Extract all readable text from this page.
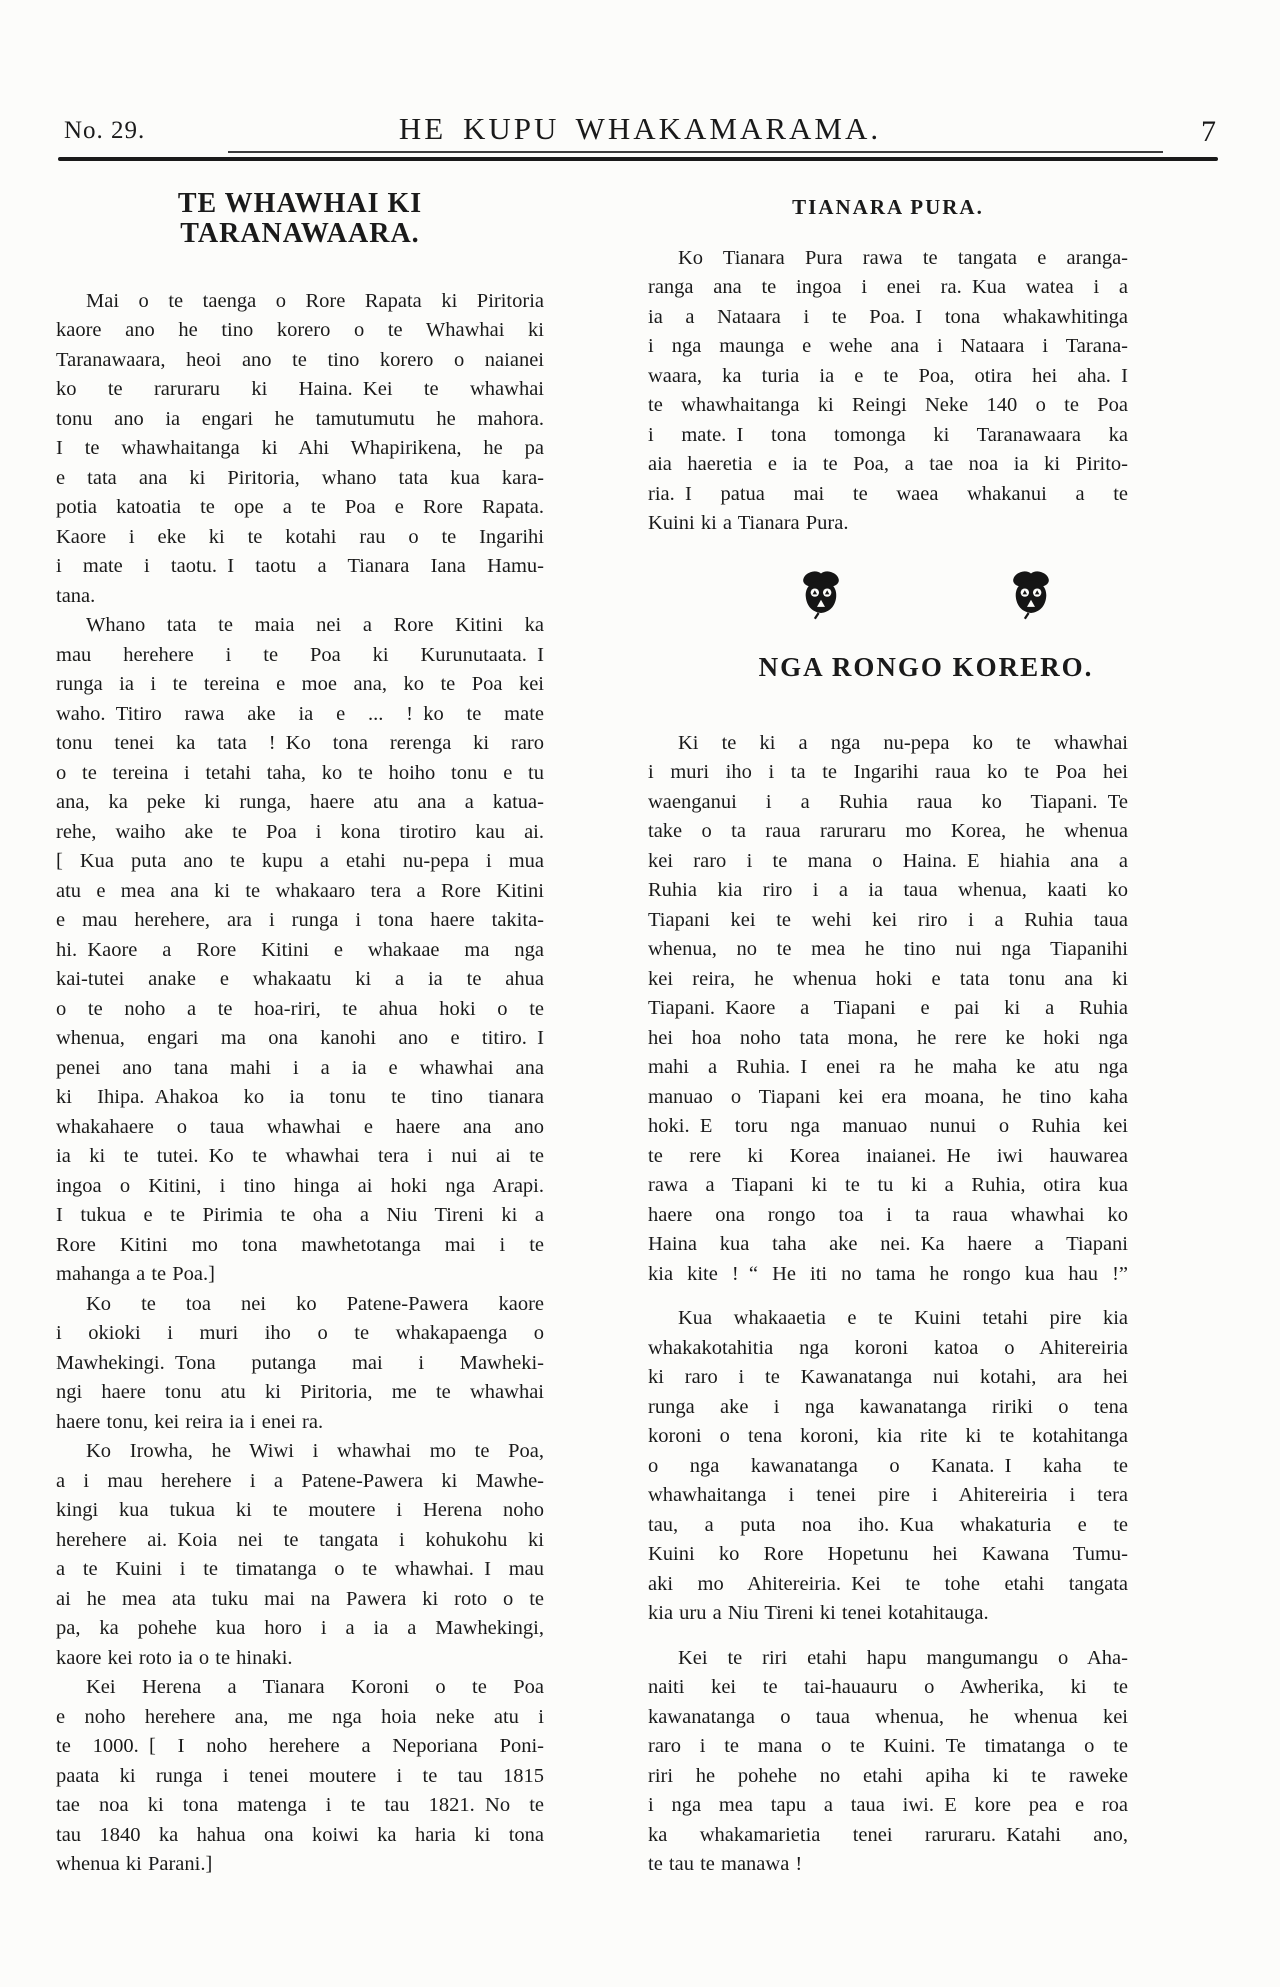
No. 29.	HE KUPU WHAKAMARAMA.	7
TE WHAWHAI KI TARANAWAARA.
Mai o te taenga o Rore Rapata ki Piritoria
kaore ano he tino korero o te Whawhai ki
Taranawaara, heoi ano te tino korero o naianei
ko te raruraru ki Haina. Kei te whawhai
tonu ano ia engari he tamutumutu he mahora.
I te whawhaitanga ki Ahi Whapirikena, he pa
e tata ana ki Piritoria, whano tata kua kara-
potia katoatia te ope a te Poa e Rore Rapata.
Kaore i eke ki te kotahi rau o te Ingarihi
i mate i taotu. I taotu a Tianara Iana Hamu-
tana.
Whano tata te maia nei a Rore Kitini ka
mau herehere i te Poa ki Kurunutaata. I
runga ia i te tereina e moe ana, ko te Poa kei
waho. Titiro rawa ake ia e ... ! ko te mate
tonu tenei ka tata ! Ko tona rerenga ki raro
o te tereina i tetahi taha, ko te hoiho tonu e tu
ana, ka peke ki runga, haere atu ana a katua-
rehe, waiho ake te Poa i kona tirotiro kau ai.
[ Kua puta ano te kupu a etahi nu-pepa i mua
atu e mea ana ki te whakaaro tera a Rore Kitini
e mau herehere, ara i runga i tona haere takita-
hi. Kaore a Rore Kitini e whakaae ma nga
kai-tutei anake e whakaatu ki a ia te ahua
o te noho a te hoa-riri, te ahua hoki o te
whenua, engari ma ona kanohi ano e titiro. I
penei ano tana mahi i a ia e whawhai ana
ki Ihipa. Ahakoa ko ia tonu te tino tianara
whakahaere o taua whawhai e haere ana ano
ia ki te tutei. Ko te whawhai tera i nui ai te
ingoa o Kitini, i tino hinga ai hoki nga Arapi.
I tukua e te Pirimia te oha a Niu Tireni ki a
Rore Kitini mo tona mawhetotanga mai i te
mahanga a te Poa.]
Ko te toa nei ko Patene-Pawera kaore
i okioki i muri iho o te whakapaenga o
Mawhekingi. Tona putanga mai i Mawheki-
ngi haere tonu atu ki Piritoria, me te whawhai
haere tonu, kei reira ia i enei ra.
Ko Irowha, he Wiwi i whawhai mo te Poa,
a i mau herehere i a Patene-Pawera ki Mawhe-
kingi kua tukua ki te moutere i Herena noho
herehere ai. Koia nei te tangata i kohukohu ki
a te Kuini i te timatanga o te whawhai. I mau
ai he mea ata tuku mai na Pawera ki roto o te
pa, ka pohehe kua horo i a ia a Mawhekingi,
kaore kei roto ia o te hinaki.
Kei Herena a Tianara Koroni o te Poa
e noho herehere ana, me nga hoia neke atu i
te 1000. [ I noho herehere a Neporiana Poni-
paata ki runga i tenei moutere i te tau 1815
tae noa ki tona matenga i te tau 1821. No te
tau 1840 ka hahua ona koiwi ka haria ki tona
whenua ki Parani.]
TIANARA PURA.
Ko Tianara Pura rawa te tangata e aranga-
ranga ana te ingoa i enei ra. Kua watea i a
ia a Nataara i te Poa. I tona whakawhitinga
i nga maunga e wehe ana i Nataara i Tarana-
waara, ka turia ia e te Poa, otira hei aha. I
te whawhaitanga ki Reingi Neke 140 o te Poa
i mate. I tona tomonga ki Taranawaara ka
aia haeretia e ia te Poa, a tae noa ia ki Pirito-
ria. I patua mai te waea whakanui a te
Kuini ki a Tianara Pura.
NGA RONGO KORERO.
Ki te ki a nga nu-pepa ko te whawhai
i muri iho i ta te Ingarihi raua ko te Poa hei
waenganui i a Ruhia raua ko Tiapani. Te
take o ta raua raruraru mo Korea, he whenua
kei raro i te mana o Haina. E hiahia ana a
Ruhia kia riro i a ia taua whenua, kaati ko
Tiapani kei te wehi kei riro i a Ruhia taua
whenua, no te mea he tino nui nga Tiapanihi
kei reira, he whenua hoki e tata tonu ana ki
Tiapani. Kaore a Tiapani e pai ki a Ruhia
hei hoa noho tata mona, he rere ke hoki nga
mahi a Ruhia. I enei ra he maha ke atu nga
manuao o Tiapani kei era moana, he tino kaha
hoki. E toru nga manuao nunui o Ruhia kei
te rere ki Korea inaianei. He iwi hauwarea
rawa a Tiapani ki te tu ki a Ruhia, otira kua
haere ona rongo toa i ta raua whawhai ko
Haina kua taha ake nei. Ka haere a Tiapani
kia kite ! “ He iti no tama he rongo kua hau !”
Kua whakaaetia e te Kuini tetahi pire kia
whakakotahitia nga koroni katoa o Ahitereiria
ki raro i te Kawanatanga nui kotahi, ara hei
runga ake i nga kawanatanga ririki o tena
koroni o tena koroni, kia rite ki te kotahitanga
o nga kawanatanga o Kanata. I kaha te
whawhaitanga i tenei pire i Ahitereiria i tera
tau, a puta noa iho. Kua whakaturia e te
Kuini ko Rore Hopetunu hei Kawana Tumu-
aki mo Ahitereiria. Kei te tohe etahi tangata
kia uru a Niu Tireni ki tenei kotahitauga.
Kei te riri etahi hapu mangumangu o Aha-
naiti kei te tai-hauauru o Awherika, ki te
kawanatanga o taua whenua, he whenua kei
raro i te mana o te Kuini. Te timatanga o te
riri he pohehe no etahi apiha ki te raweke
i nga mea tapu a taua iwi. E kore pea e roa
ka whakamarietia tenei raruraru. Katahi ano,
te tau te manawa !
